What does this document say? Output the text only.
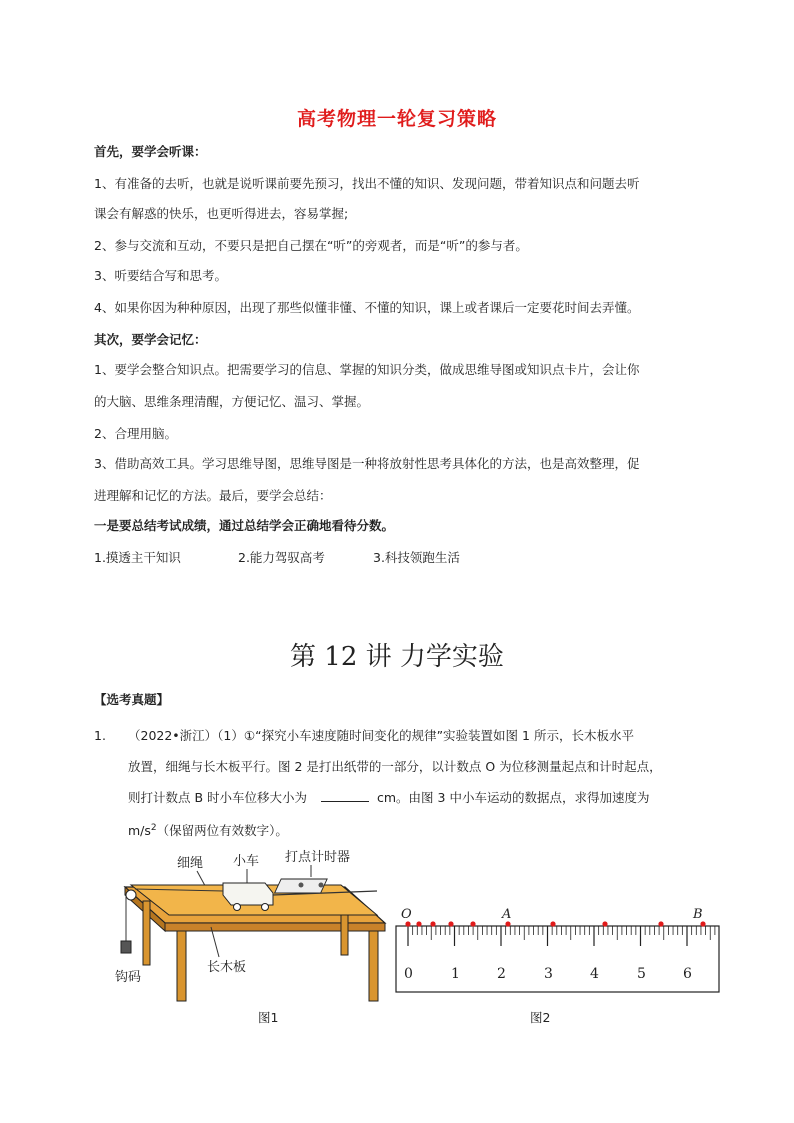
高考物理一轮复习策略
首先，要学会听课：
1、有准备的去听，也就是说听课前要先预习，找出不懂的知识、发现问题，带着知识点和问题去听
课会有解惑的快乐，也更听得进去，容易掌握;
2、参与交流和互动，不要只是把自己摆在“听”的旁观者，而是“听”的参与者。
3、听要结合写和思考。
4、如果你因为种种原因，出现了那些似懂非懂、不懂的知识，课上或者课后一定要花时间去弄懂。
其次，要学会记忆：
1、要学会整合知识点。把需要学习的信息、掌握的知识分类，做成思维导图或知识点卡片，会让你
的大脑、思维条理清醒，方便记忆、温习、掌握。
2、合理用脑。
3、借助高效工具。学习思维导图，思维导图是一种将放射性思考具体化的方法，也是高效整理，促
进理解和记忆的方法。最后，要学会总结：
一是要总结考试成绩，通过总结学会正确地看待分数。
1.摸透主干知识	2.能力驾驭高考	3.科技领跑生活
第 12 讲 力学实验
【选考真题】
1.	（2022•浙江）（1）①“探究小车速度随时间变化的规律”实验装置如图 1 所示，长木板水平
放置，细绳与长木板平行。图 2 是打出纸带的一部分，以计数点 O 为位移测量起点和计时起点，
则打计数点 B 时小车位移大小为	cm。由图 3 中小车运动的数据点，求得加速度为
$m/s^2$（保留两位有效数字）。
细绳 小车 打点计时器
钩码
长木板
图1
O	A	B
0	1	2	3	4	5	6
图2
